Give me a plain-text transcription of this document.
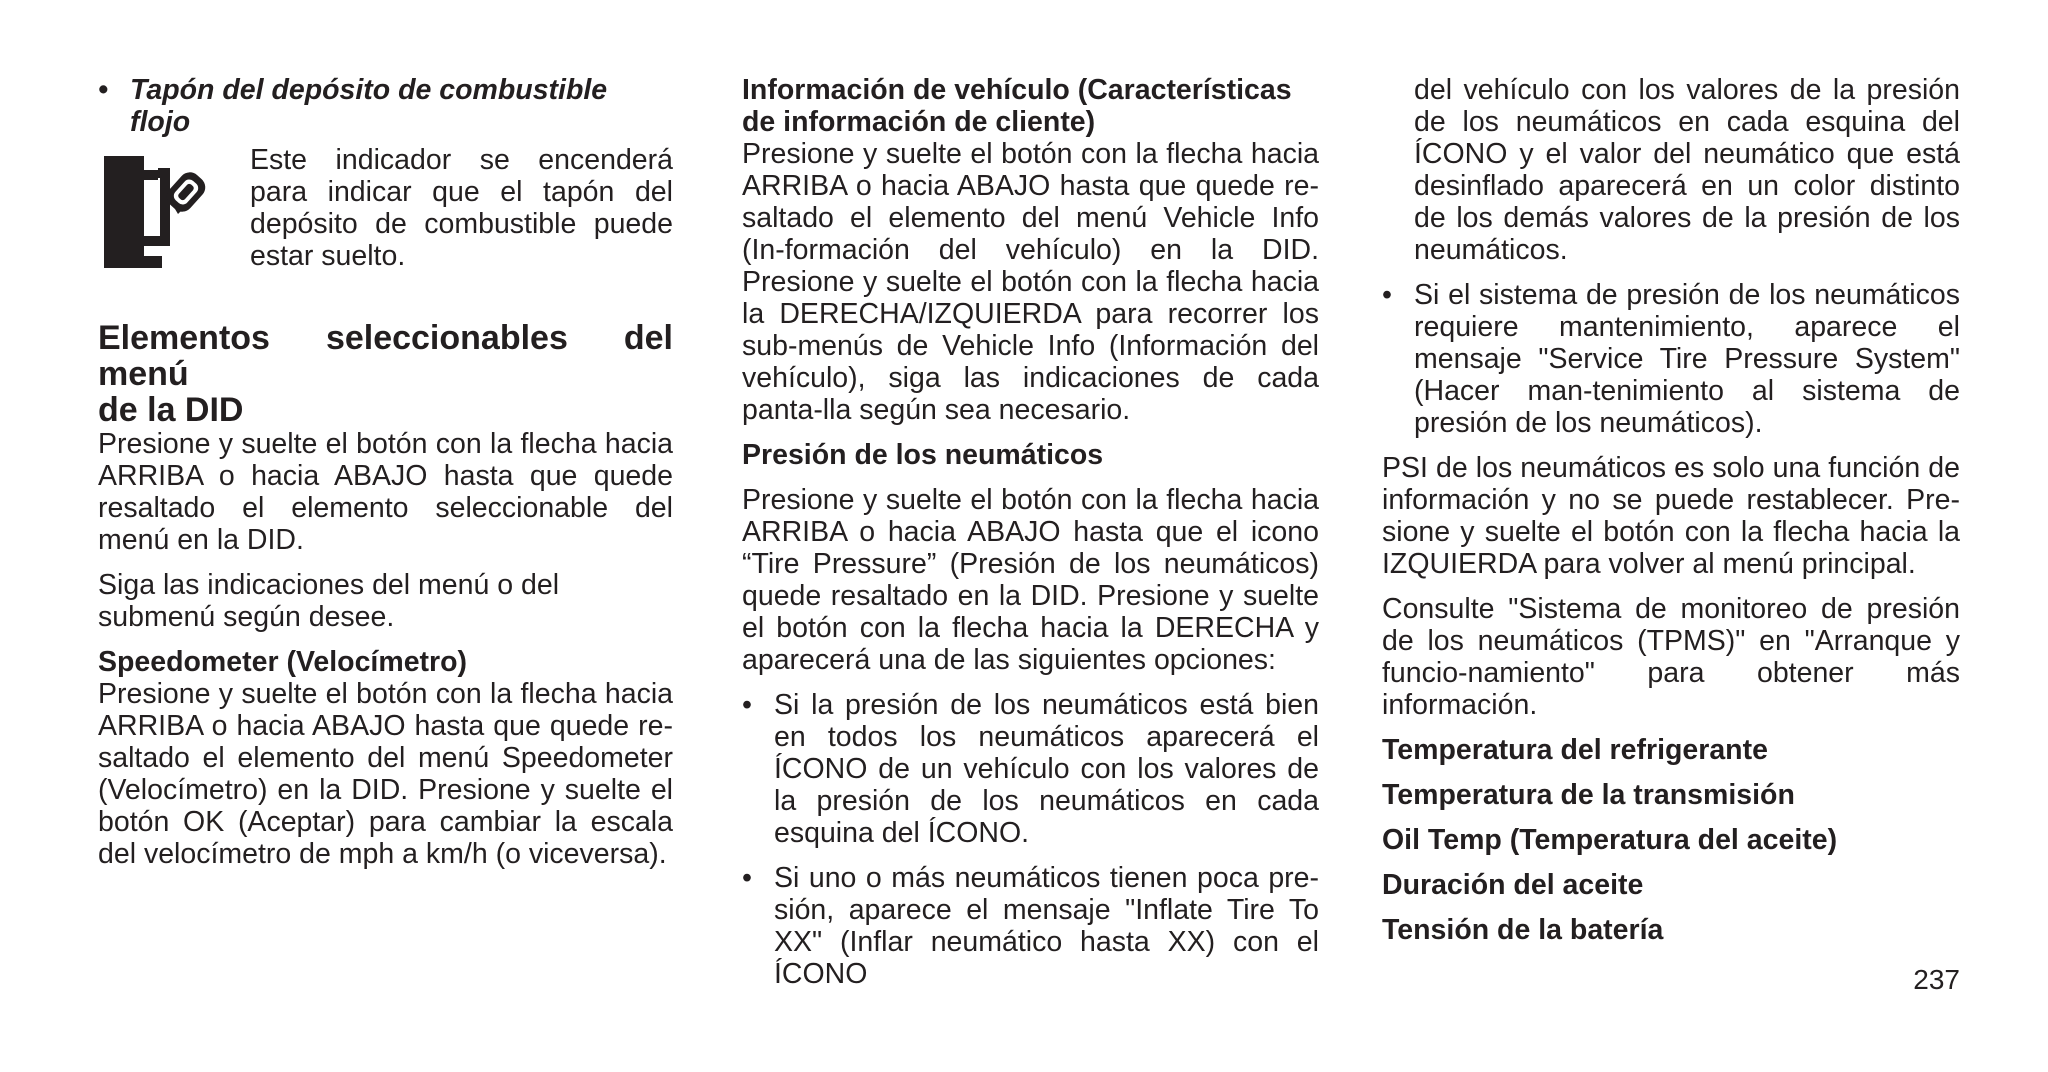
• Tapón del depósito de combustible flojo

Este indicador se encenderá para indicar que el tapón del depósito de combustible puede estar suelto.

Elementos seleccionables del menú
de la DID

Presione y suelte el botón con la flecha hacia ARRIBA o hacia ABAJO hasta que quede resaltado el elemento seleccionable del menú en la DID.

Siga las indicaciones del menú o del submenú según desee.

Speedometer (Velocímetro)

Presione y suelte el botón con la flecha hacia ARRIBA o hacia ABAJO hasta que quede re-saltado el elemento del menú Speedometer (Velocímetro) en la DID. Presione y suelte el botón OK (Aceptar) para cambiar la escala del velocímetro de mph a km/h (o viceversa).

Información de vehículo (Características
de información de cliente)

Presione y suelte el botón con la flecha hacia ARRIBA o hacia ABAJO hasta que quede re-saltado el elemento del menú Vehicle Info (In-formación del vehículo) en la DID. Presione y suelte el botón con la flecha hacia la DERECHA/IZQUIERDA para recorrer los sub-menús de Vehicle Info (Información del vehículo), siga las indicaciones de cada panta-lla según sea necesario.

Presión de los neumáticos

Presione y suelte el botón con la flecha hacia ARRIBA o hacia ABAJO hasta que el icono “Tire Pressure” (Presión de los neumáticos) quede resaltado en la DID. Presione y suelte el botón con la flecha hacia la DERECHA y aparecerá una de las siguientes opciones:

• Si la presión de los neumáticos está bien en todos los neumáticos aparecerá el ÍCONO de un vehículo con los valores de la presión de los neumáticos en cada esquina del ÍCONO.

• Si uno o más neumáticos tienen poca pre-sión, aparece el mensaje "Inflate Tire To XX" (Inflar neumático hasta XX) con el ÍCONO

del vehículo con los valores de la presión de los neumáticos en cada esquina del ÍCONO y el valor del neumático que está desinflado aparecerá en un color distinto de los demás valores de la presión de los neumáticos.

• Si el sistema de presión de los neumáticos requiere mantenimiento, aparece el mensaje "Service Tire Pressure System" (Hacer man-tenimiento al sistema de presión de los neumáticos).

PSI de los neumáticos es solo una función de información y no se puede restablecer. Pre-sione y suelte el botón con la flecha hacia la IZQUIERDA para volver al menú principal.

Consulte "Sistema de monitoreo de presión de los neumáticos (TPMS)" en "Arranque y funcio-namiento" para obtener más información.

Temperatura del refrigerante

Temperatura de la transmisión

Oil Temp (Temperatura del aceite)

Duración del aceite

Tensión de la batería

237
